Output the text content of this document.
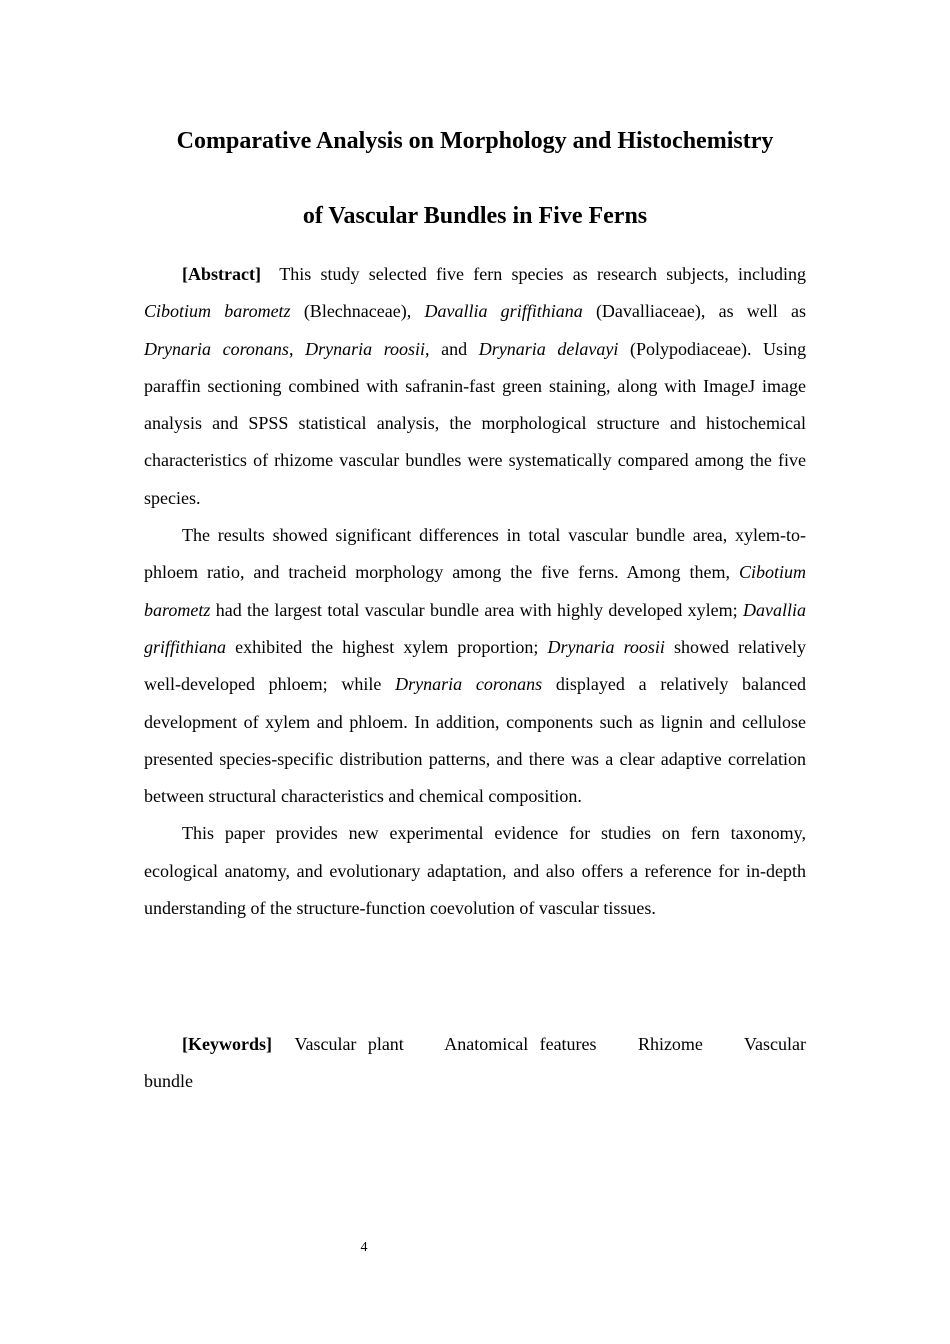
Comparative Analysis on Morphology and Histochemistry
of Vascular Bundles in Five Ferns

[Abstract] This study selected five fern species as research subjects, including Cibotium barometz (Blechnaceae), Davallia griffithiana (Davalliaceae), as well as Drynaria coronans, Drynaria roosii, and Drynaria delavayi (Polypodiaceae). Using paraffin sectioning combined with safranin-fast green staining, along with ImageJ image analysis and SPSS statistical analysis, the morphological structure and histochemical characteristics of rhizome vascular bundles were systematically compared among the five species.

The results showed significant differences in total vascular bundle area, xylem-to-phloem ratio, and tracheid morphology among the five ferns. Among them, Cibotium barometz had the largest total vascular bundle area with highly developed xylem; Davallia griffithiana exhibited the highest xylem proportion; Drynaria roosii showed relatively well-developed phloem; while Drynaria coronans displayed a relatively balanced development of xylem and phloem. In addition, components such as lignin and cellulose presented species-specific distribution patterns, and there was a clear adaptive correlation between structural characteristics and chemical composition.

This paper provides new experimental evidence for studies on fern taxonomy, ecological anatomy, and evolutionary adaptation, and also offers a reference for in-depth understanding of the structure-function coevolution of vascular tissues.

[Keywords] Vascular plant Anatomical features Rhizome Vascular bundle

4
